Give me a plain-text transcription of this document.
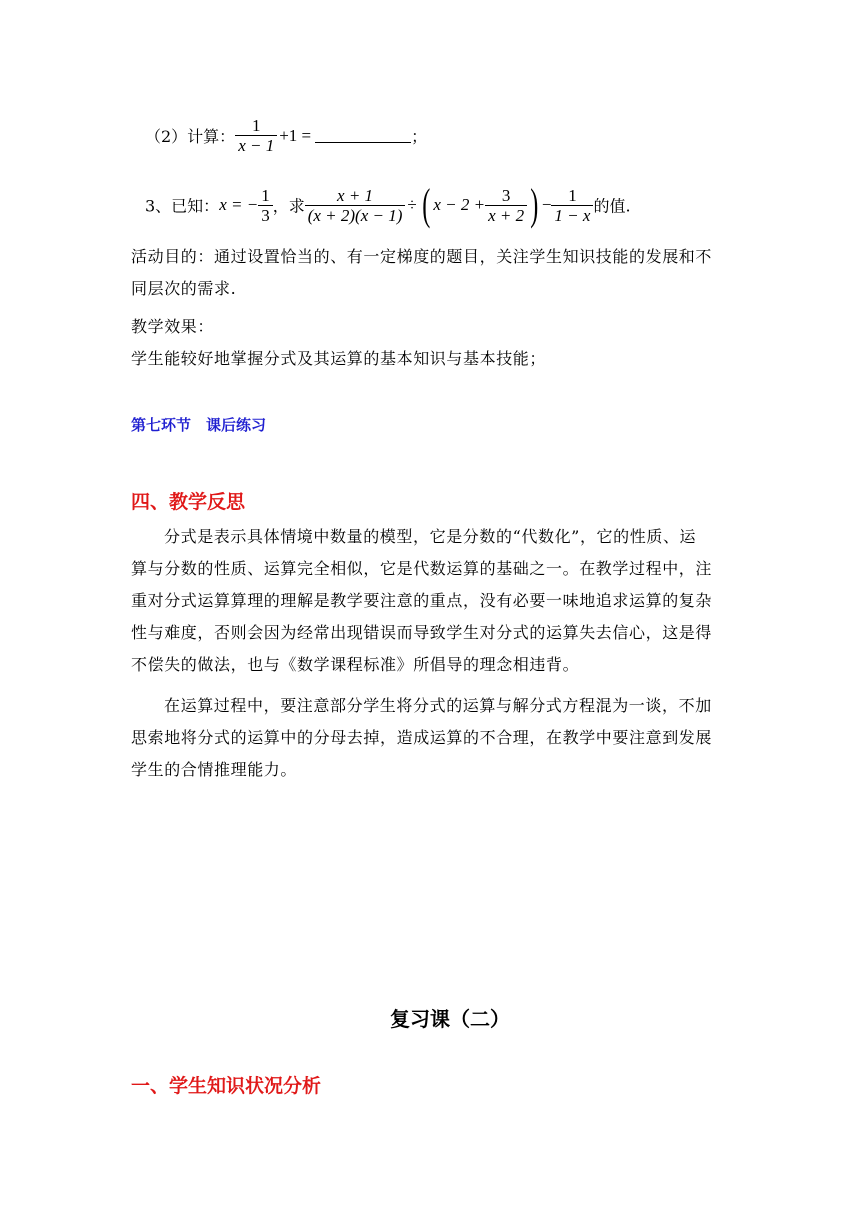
（2）计算： $\frac{1}{x - 1} +1$ =	；
3、已知：x = − $\frac{1}{3}$ ，求 $\frac{x + 1}{(x + 2)(x - 1)}$ ÷ ( $x - 2 + \frac{3}{x + 2}$ ) − $\frac{1}{1 - x}$ 的值.
活动目的：通过设置恰当的、有一定梯度的题目，关注学生知识技能的发展和不
同层次的需求.
教学效果：
学生能较好地掌握分式及其运算的基本知识与基本技能；
第七环节　课后练习
四、教学反思
分式是表示具体情境中数量的模型，它是分数的“代数化”，它的性质、运
算与分数的性质、运算完全相似，它是代数运算的基础之一。在教学过程中，注
重对分式运算算理的理解是教学要注意的重点，没有必要一味地追求运算的复杂
性与难度，否则会因为经常出现错误而导致学生对分式的运算失去信心，这是得
不偿失的做法，也与《数学课程标准》所倡导的理念相违背。
在运算过程中，要注意部分学生将分式的运算与解分式方程混为一谈，不加
思索地将分式的运算中的分母去掉，造成运算的不合理，在教学中要注意到发展
学生的合情推理能力。
复习课（二）
一、学生知识状况分析
